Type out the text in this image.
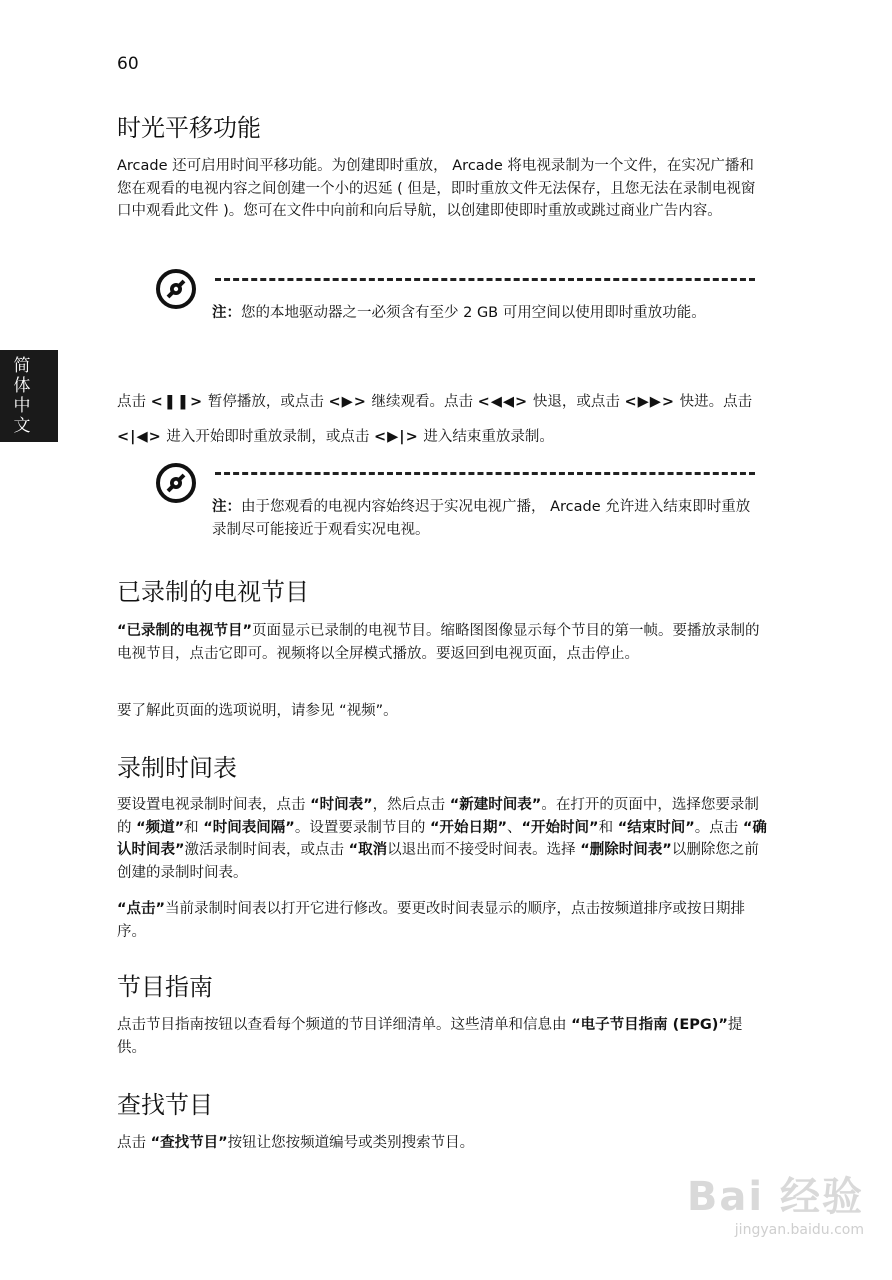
60
简体中文
时光平移功能

Arcade 还可启用时间平移功能。为创建即时重放， Arcade 将电视录制为一个文件，在实况广播和您在观看的电视内容之间创建一个小的迟延 ( 但是，即时重放文件无法保存，且您无法在录制电视窗口中观看此文件 )。您可在文件中向前和向后导航，以创建即使即时重放或跳过商业广告内容。

注：您的本地驱动器之一必须含有至少 2 GB 可用空间以使用即时重放功能。

点击 <❚❚> 暂停播放，或点击 <▶> 继续观看。点击 <◀◀> 快退，或点击 <▶▶> 快进。点击 <|◀> 进入开始即时重放录制，或点击 <▶|> 进入结束重放录制。

注：由于您观看的电视内容始终迟于实况电视广播， Arcade 允许进入结束即时重放录制尽可能接近于观看实况电视。
已录制的电视节目

“已录制的电视节目”页面显示已录制的电视节目。缩略图图像显示每个节目的第一帧。要播放录制的电视节目，点击它即可。视频将以全屏模式播放。要返回到电视页面，点击停止。

要了解此页面的选项说明，请参见 “视频”。

录制时间表

要设置电视录制时间表，点击 “时间表”，然后点击 “新建时间表”。在打开的页面中，选择您要录制的 “频道”和 “时间表间隔”。设置要录制节目的 “开始日期”、“开始时间”和 “结束时间”。点击 “确认时间表”激活录制时间表，或点击 “取消以退出而不接受时间表。选择 “删除时间表”以删除您之前创建的录制时间表。

“点击”当前录制时间表以打开它进行修改。要更改时间表显示的顺序，点击按频道排序或按日期排序。

节目指南

点击节目指南按钮以查看每个频道的节目详细清单。这些清单和信息由 “电子节目指南 (EPG)”提供。

查找节目

点击 “查找节目”按钮让您按频道编号或类别搜索节目。

Bai 经验
jingyan.baidu.com
